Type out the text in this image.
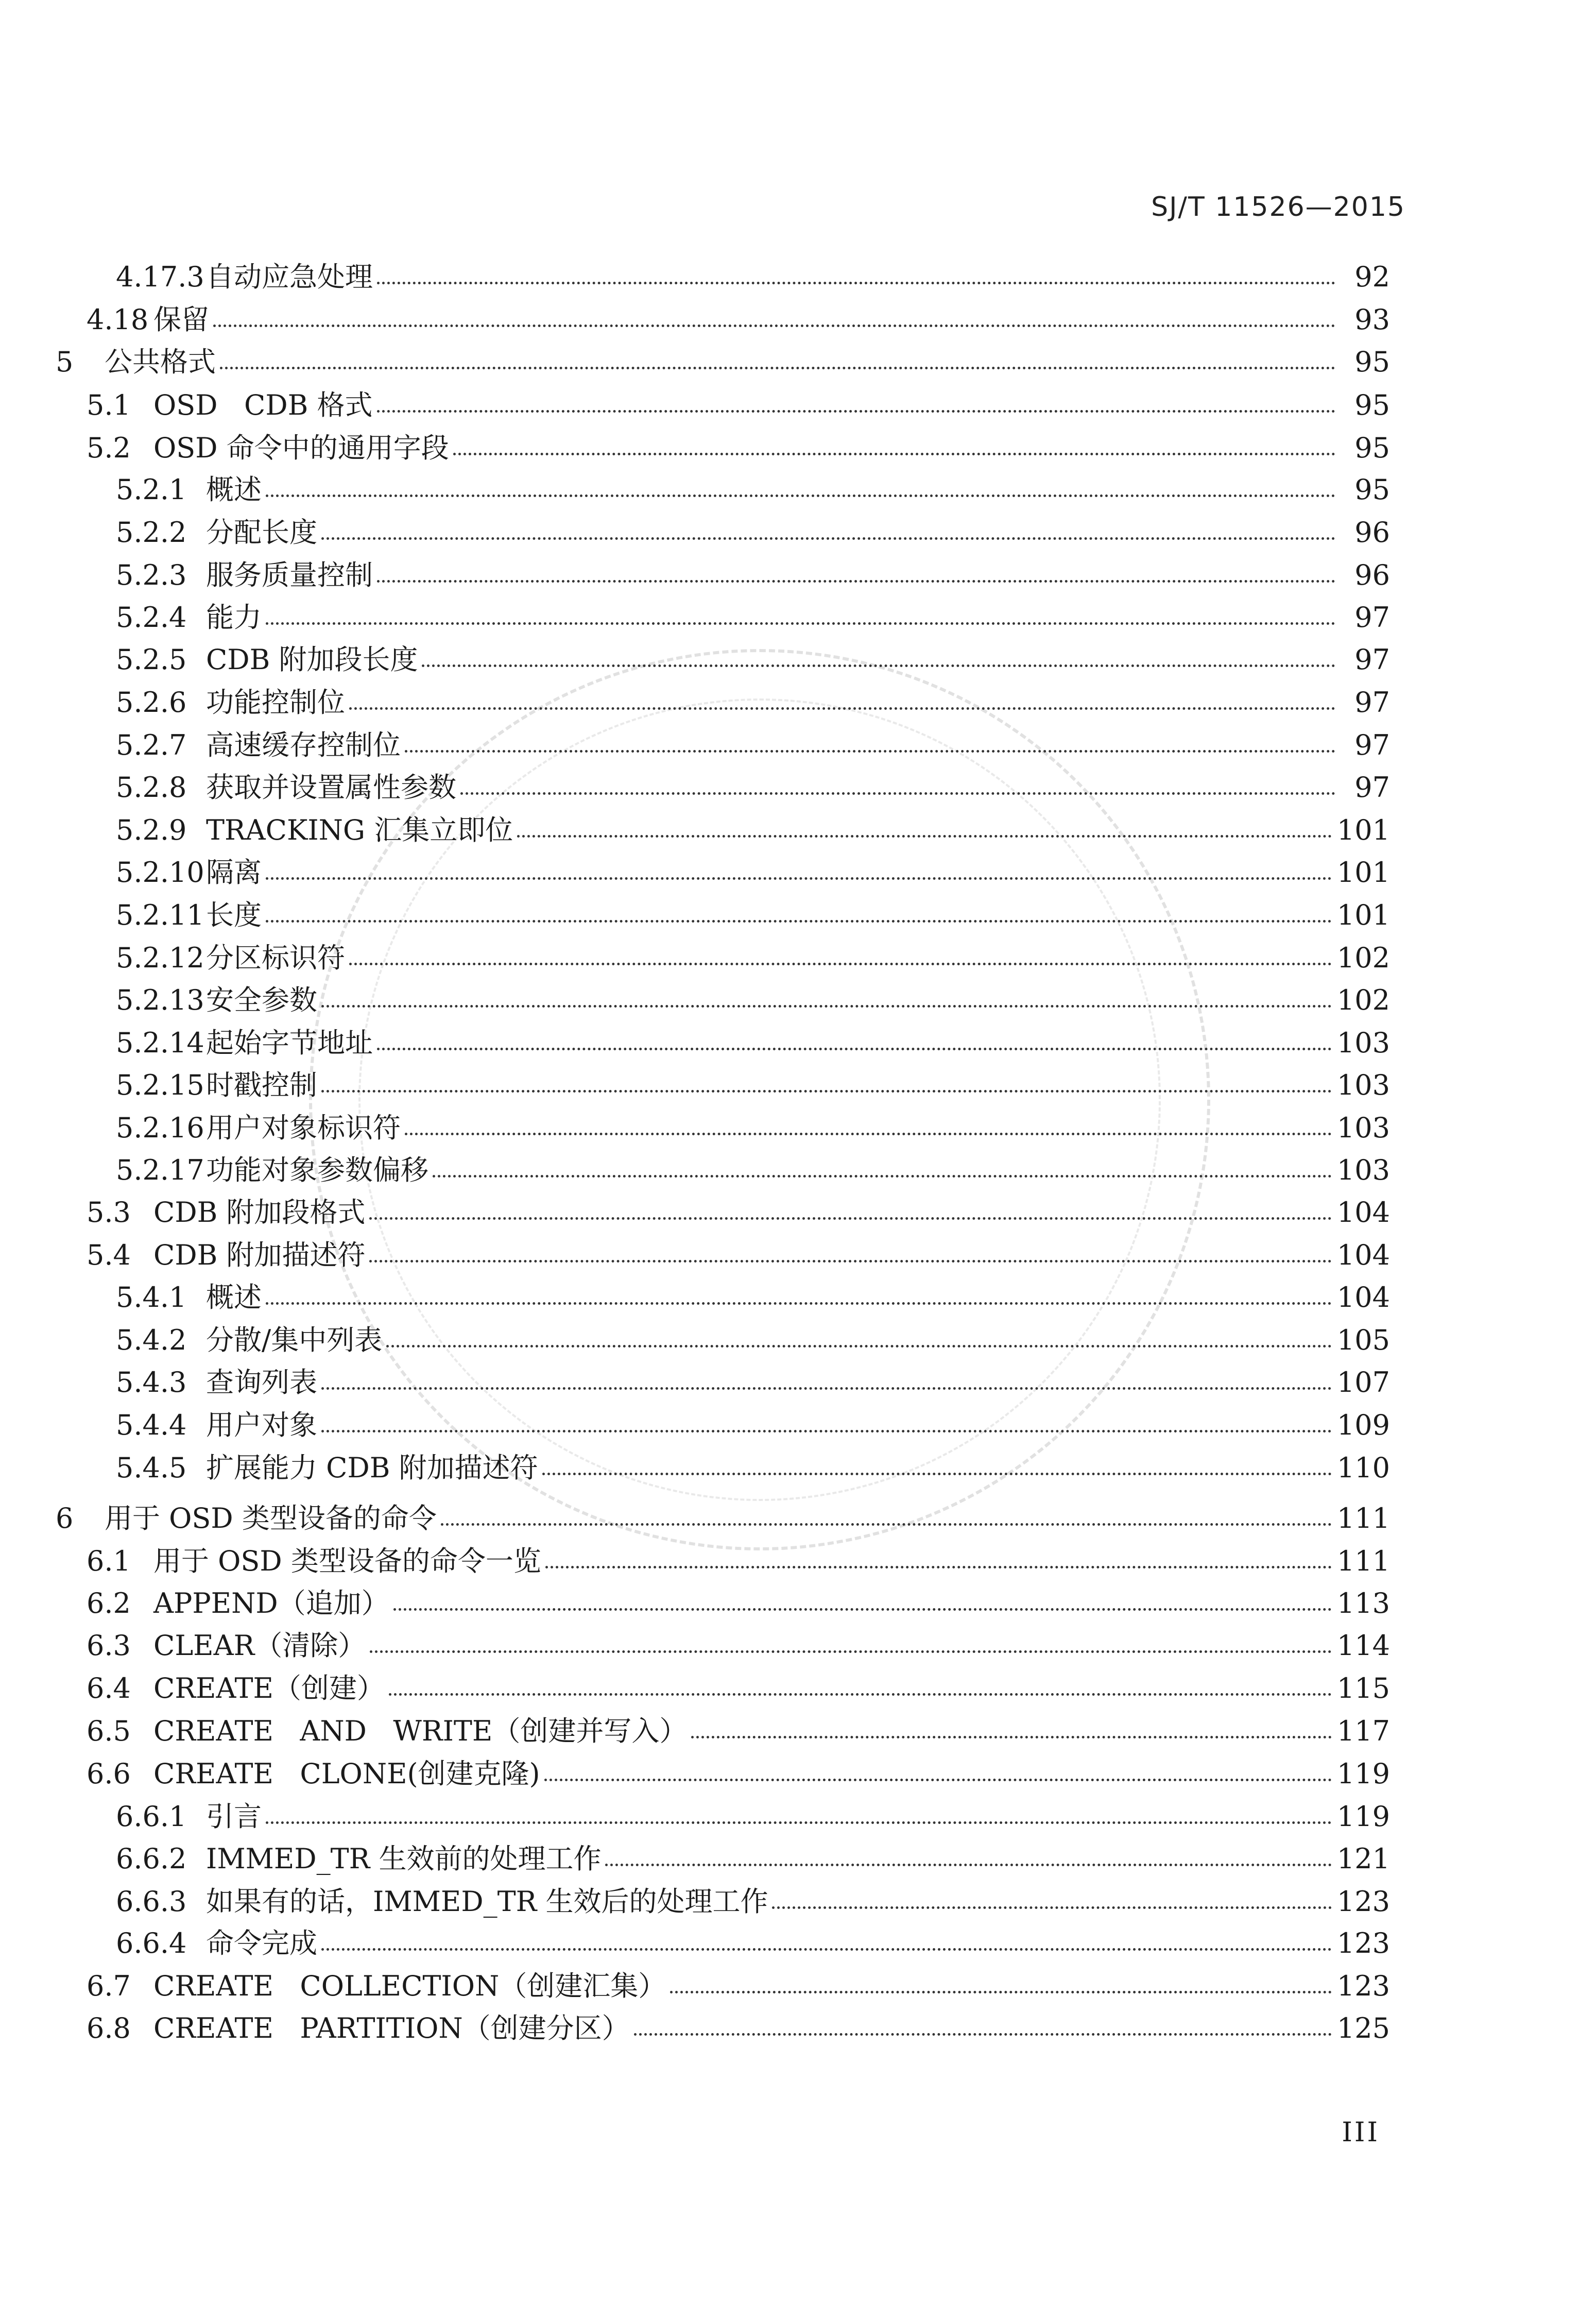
SJ/T 11526—2015
4.17.3 自动应急处理	92
4.18 保留	93
5	公共格式	95
5.1 OSD   CDB 格式	95
5.2 OSD 命令中的通用字段	95
5.2.1 概述	95
5.2.2 分配长度	96
5.2.3 服务质量控制	96
5.2.4 能力	97
5.2.5 CDB 附加段长度	97
5.2.6 功能控制位	97
5.2.7 高速缓存控制位	97
5.2.8 获取并设置属性参数	97
5.2.9 TRACKING 汇集立即位	101
5.2.10 隔离	101
5.2.11 长度	101
5.2.12 分区标识符	102
5.2.13 安全参数	102
5.2.14 起始字节地址	103
5.2.15 时戳控制	103
5.2.16 用户对象标识符	103
5.2.17 功能对象参数偏移	103
5.3 CDB 附加段格式	104
5.4 CDB 附加描述符	104
5.4.1 概述	104
5.4.2 分散/集中列表	105
5.4.3 查询列表	107
5.4.4 用户对象	109
5.4.5 扩展能力 CDB 附加描述符	110
6	用于 OSD 类型设备的命令	111
6.1 用于 OSD 类型设备的命令一览	111
6.2 APPEND（追加）	113
6.3 CLEAR（清除）	114
6.4 CREATE（创建）	115
6.5 CREATE   AND   WRITE（创建并写入）	117
6.6 CREATE   CLONE(创建克隆)	119
6.6.1 引言	119
6.6.2 IMMED_TR 生效前的处理工作	121
6.6.3 如果有的话，IMMED_TR 生效后的处理工作	123
6.6.4 命令完成	123
6.7 CREATE   COLLECTION（创建汇集）	123
6.8 CREATE   PARTITION（创建分区）	125
III
